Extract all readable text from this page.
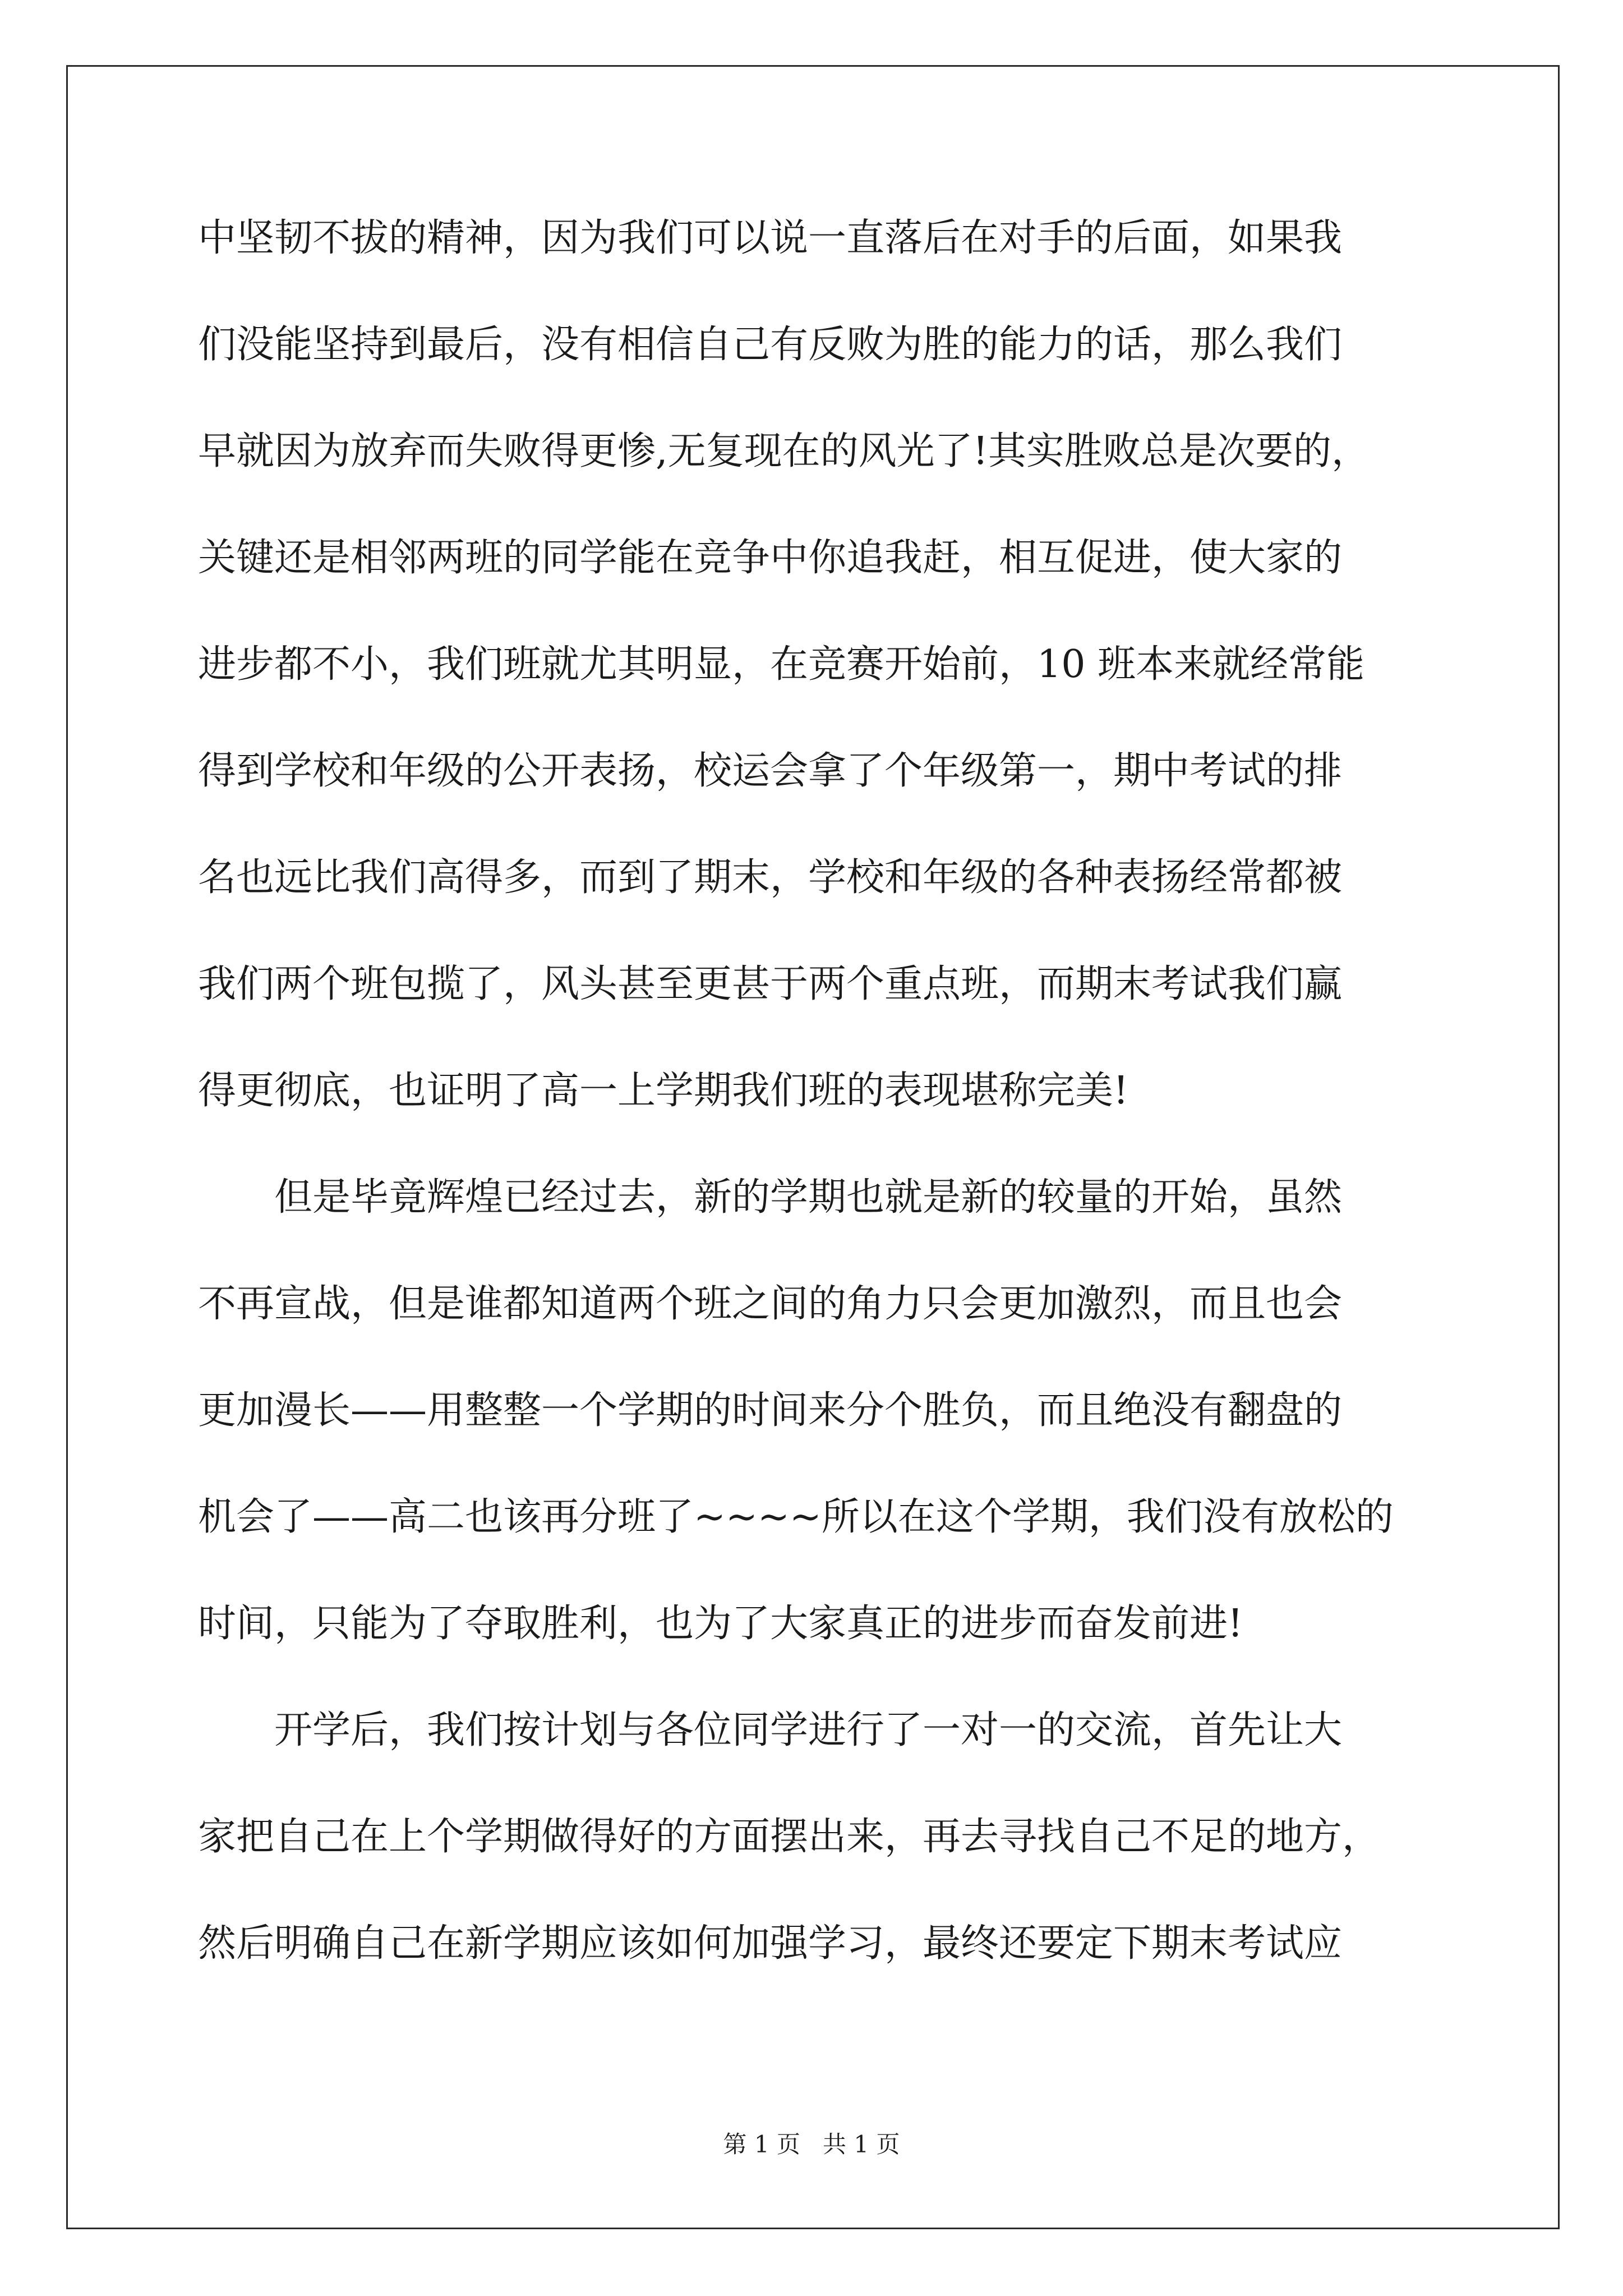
中坚韧不拔的精神，因为我们可以说一直落后在对手的后面，如果我
们没能坚持到最后，没有相信自己有反败为胜的能力的话，那么我们
早就因为放弃而失败得更惨,无复现在的风光了!其实胜败总是次要的，
关键还是相邻两班的同学能在竞争中你追我赶，相互促进，使大家的
进步都不小，我们班就尤其明显，在竞赛开始前，10 班本来就经常能
得到学校和年级的公开表扬，校运会拿了个年级第一，期中考试的排
名也远比我们高得多，而到了期末，学校和年级的各种表扬经常都被
我们两个班包揽了，风头甚至更甚于两个重点班，而期末考试我们赢
得更彻底，也证明了高一上学期我们班的表现堪称完美!
但是毕竟辉煌已经过去，新的学期也就是新的较量的开始，虽然
不再宣战，但是谁都知道两个班之间的角力只会更加激烈，而且也会
更加漫长——用整整一个学期的时间来分个胜负，而且绝没有翻盘的
机会了——高二也该再分班了~~~~所以在这个学期，我们没有放松的
时间，只能为了夺取胜利，也为了大家真正的进步而奋发前进!
开学后，我们按计划与各位同学进行了一对一的交流，首先让大
家把自己在上个学期做得好的方面摆出来，再去寻找自己不足的地方，
然后明确自己在新学期应该如何加强学习，最终还要定下期末考试应
第 1 页   共 1 页
